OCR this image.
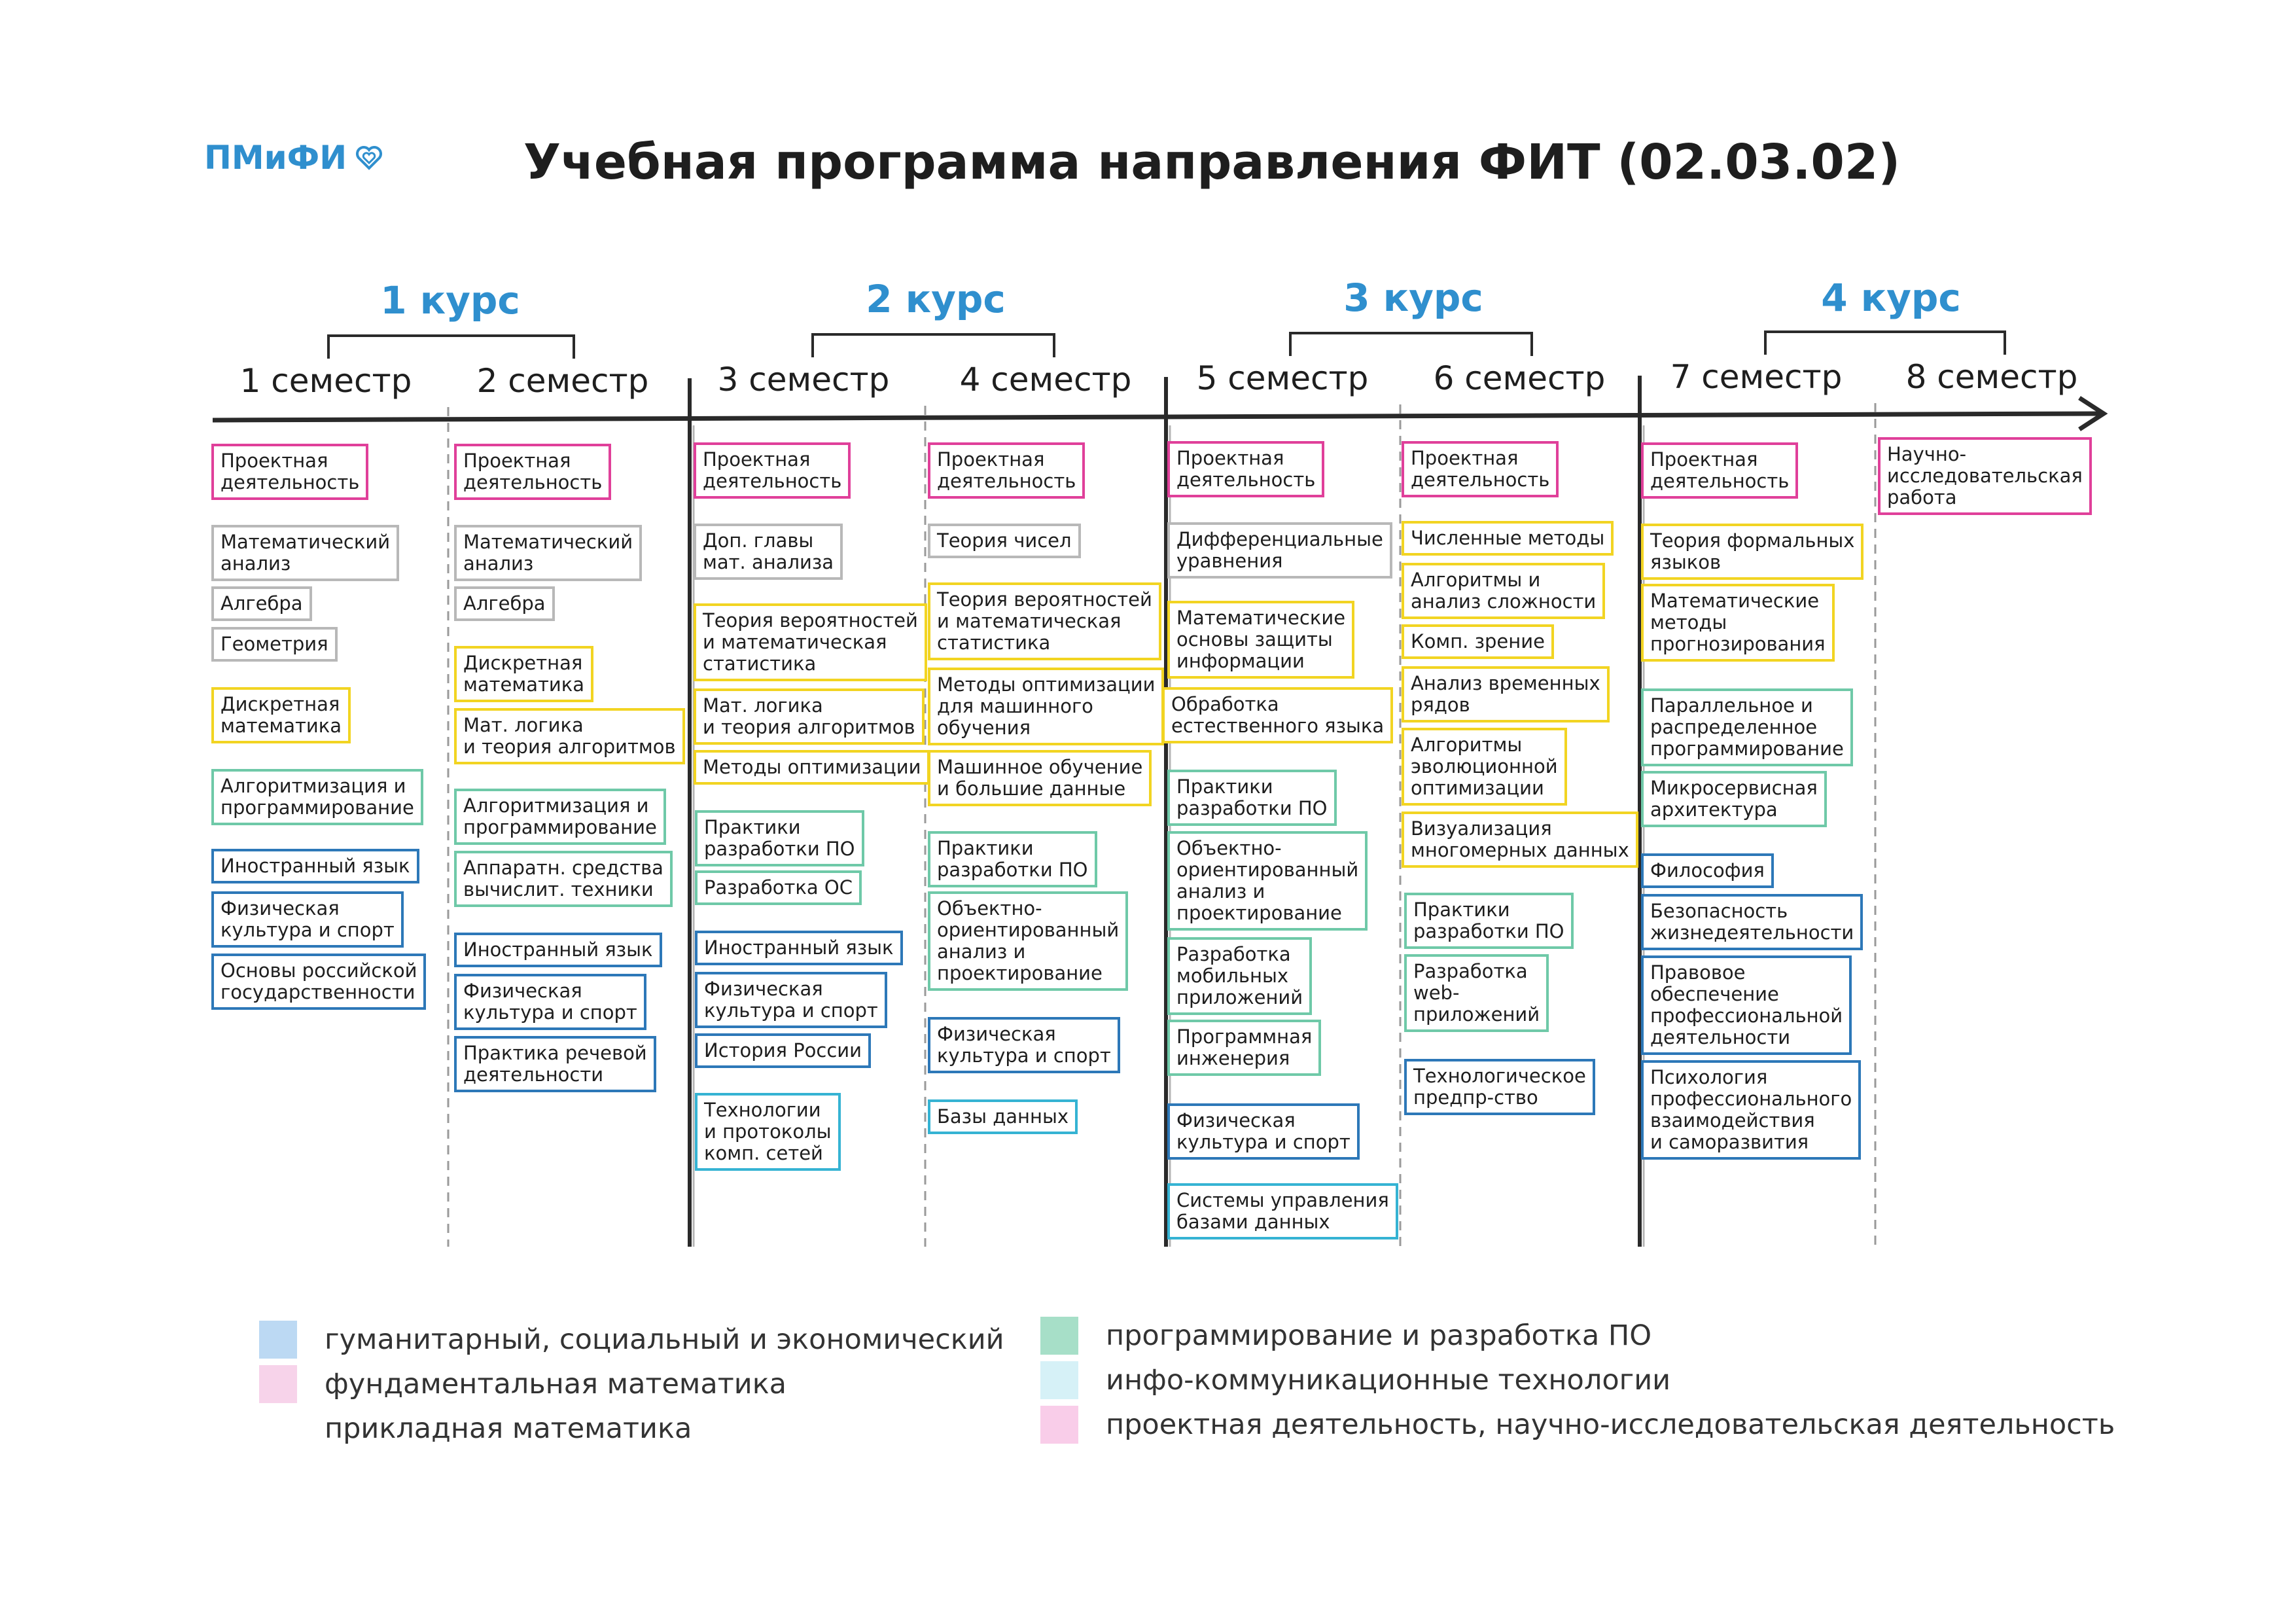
ПМиФИ	Учебная программа направления ФИТ (02.03.02)
1 курс	2 курс	3 курс	4 курс
1 семестр 2 семестр 3 семестр 4 семестр 5 семестр 6 семестр 7 семестр 8 семестр
Проектная
деятельность
Математический
анализ
Алгебра
Геометрия
Дискретная
математика
Алгоритмизация и
программирование
Иностранный язык
Физическая
культура и спорт
Основы российской
государственности
Проектная
деятельность
Математический
анализ
Алгебра
Дискретная
математика
Мат. логика
и теория алгоритмов
Алгоритмизация и
программирование
Аппаратн. средства
вычислит. техники
Иностранный язык
Физическая
культура и спорт
Практика речевой
деятельности
Проектная
деятельность
Доп. главы
мат. анализа
Теория вероятностей
и математическая
статистика
Мат. логика
и теория алгоритмов
Методы оптимизации
Практики
разработки ПО
Разработка ОС
Иностранный язык
Физическая
культура и спорт
История России
Технологии
и протоколы
комп. сетей
Проектная
деятельность
Теория чисел
Теория вероятностей
и математическая
статистика
Методы оптимизации
для машинного
обучения
Машинное обучение
и большие данные
Практики
разработки ПО
Объектно-
ориентированный
анализ и
проектирование
Физическая
культура и спорт
Базы данных
Проектная
деятельность
Дифференциальные
уравнения
Математические
основы защиты
информации
Обработка
естественного языка
Практики
разработки ПО
Объектно-
ориентированный
анализ и
проектирование
Разработка
мобильных
приложений
Программная
инженерия
Физическая
культура и спорт
Системы управления
базами данных
Проектная
деятельность
Численные методы
Алгоритмы и
анализ сложности
Комп. зрение
Анализ временных
рядов
Алгоритмы
эволюционной
оптимизации
Визуализация
многомерных данных
Практики
разработки ПО
Разработка
web-
приложений
Технологическое
предпр-ство
Проектная
деятельность
Теория формальных
языков
Математические
методы
прогнозирования
Параллельное и
распределенное
программирование
Микросервисная
архитектура
Философия
Безопасность
жизнедеятельности
Правовое
обеспечение
профессиональной
деятельности
Психология
профессионального
взаимодействия
и саморазвития
Научно-
исследовательская
работа
гуманитарный, социальный и экономический
фундаментальная математика
прикладная математика
программирование и разработка ПО
инфо-коммуникационные технологии
проектная деятельность, научно-исследовательская деятельность
